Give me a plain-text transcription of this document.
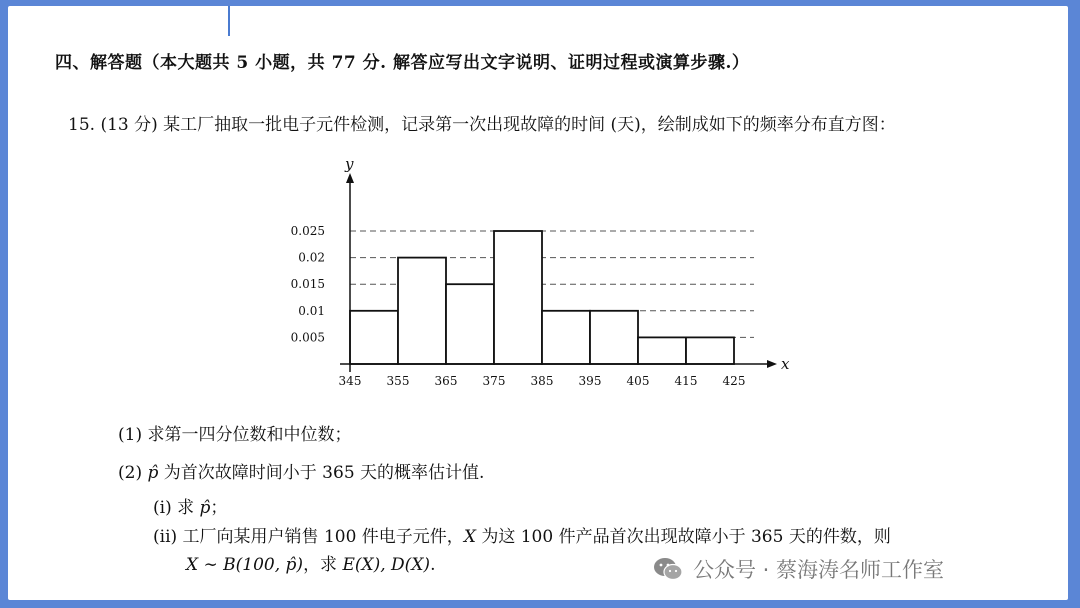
四、解答题（本大题共 5 小题，共 77 分. 解答应写出文字说明、证明过程或演算步骤.）
15. (13 分) 某工厂抽取一批电子元件检测，记录第一次出现故障的时间 (天)，绘制成如下的频率分布直方图：
x
y
345 355 365 375 385 395 405 415 425
0.005
0.01
0.015
0.02
0.025
(1) 求第一四分位数和中位数；
(2) p̂ 为首次故障时间小于 365 天的概率估计值.
(i) 求 p̂；
(ii) 工厂向某用户销售 100 件电子元件，X 为这 100 件产品首次出现故障小于 365 天的件数，则
X ∼ B(100, p̂)，求 E(X), D(X).	公众号 · 蔡海涛名师工作室
